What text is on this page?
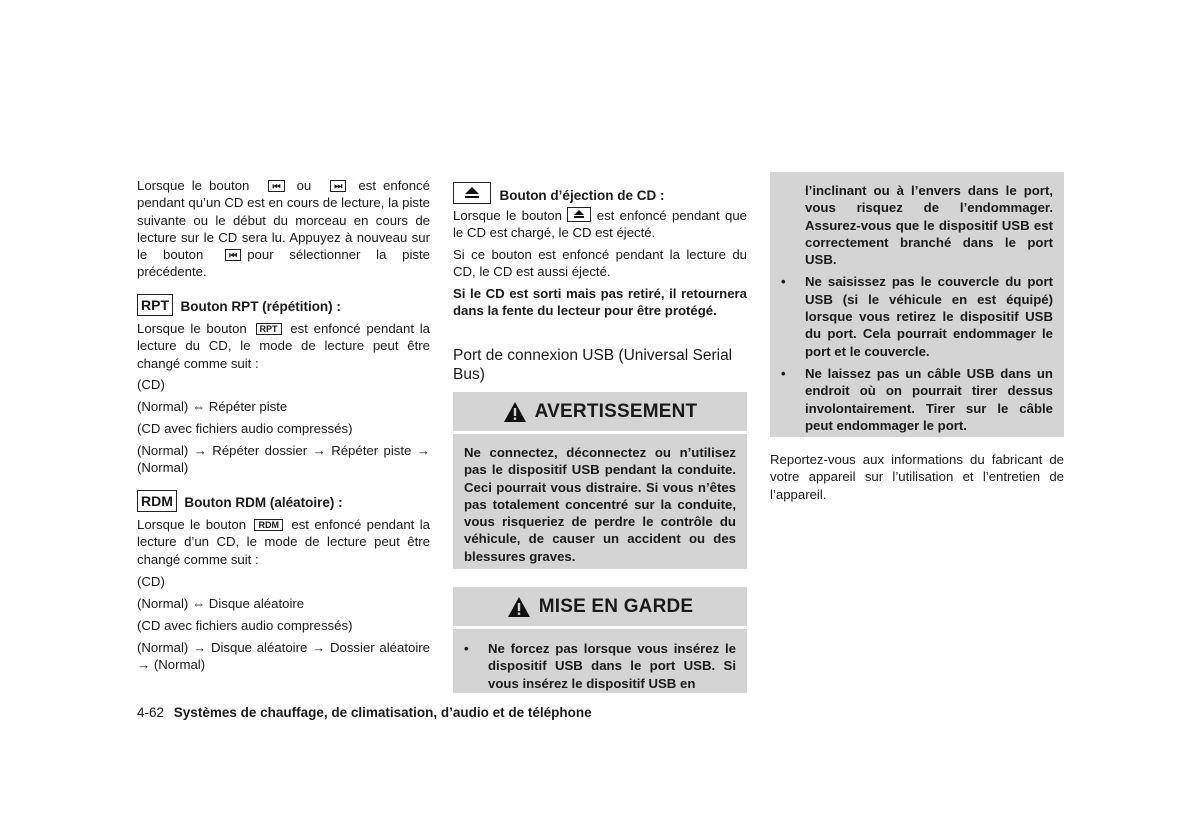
Lorsque le bouton	⏮ ou	⏭ est enfoncé pendant qu’un CD est en cours de lecture, la piste suivante ou le début du morceau en cours de lecture sur le CD sera lu. Appuyez à nouveau sur le bouton	⏮ pour sélectionner la piste précédente.

RPT Bouton RPT (répétition) :

Lorsque le bouton RPT est enfoncé pendant la lecture du CD, le mode de lecture peut être changé comme suit :

(CD)

(Normal) ⇔ Répéter piste

(CD avec fichiers audio compressés)

(Normal) → Répéter dossier → Répéter piste → (Normal)

RDM Bouton RDM (aléatoire) :

Lorsque le bouton RDM est enfoncé pendant la lecture d’un CD, le mode de lecture peut être changé comme suit :

(CD)

(Normal) ⇔ Disque aléatoire

(CD avec fichiers audio compressés)

(Normal) → Disque aléatoire → Dossier aléatoire → (Normal)

Bouton d’éjection de CD :

Lorsque le bouton	est enfoncé pendant que le CD est chargé, le CD est éjecté.

Si ce bouton est enfoncé pendant la lecture du CD, le CD est aussi éjecté.

Si le CD est sorti mais pas retiré, il retournera dans la fente du lecteur pour être protégé.

Port de connexion USB (Universal Serial Bus)

AVERTISSEMENT

Ne connectez, déconnectez ou n’utilisez pas le dispositif USB pendant la conduite. Ceci pourrait vous distraire. Si vous n’êtes pas totalement concentré sur la conduite, vous risqueriez de perdre le contrôle du véhicule, de causer un accident ou des blessures graves.

MISE EN GARDE

• Ne forcez pas lorsque vous insérez le dispositif USB dans le port USB. Si vous insérez le dispositif USB en

l’inclinant ou à l’envers dans le port, vous risquez de l’endommager. Assurez-vous que le dispositif USB est correctement branché dans le port USB.

• Ne saisissez pas le couvercle du port USB (si le véhicule en est équipé) lorsque vous retirez le dispositif USB du port. Cela pourrait endommager le port et le couvercle.

• Ne laissez pas un câble USB dans un endroit où on pourrait tirer dessus involontairement. Tirer sur le câble peut endommager le port.

Reportez-vous aux informations du fabricant de votre appareil sur l’utilisation et l’entretien de l’appareil.

4-62 Systèmes de chauffage, de climatisation, d’audio et de téléphone
